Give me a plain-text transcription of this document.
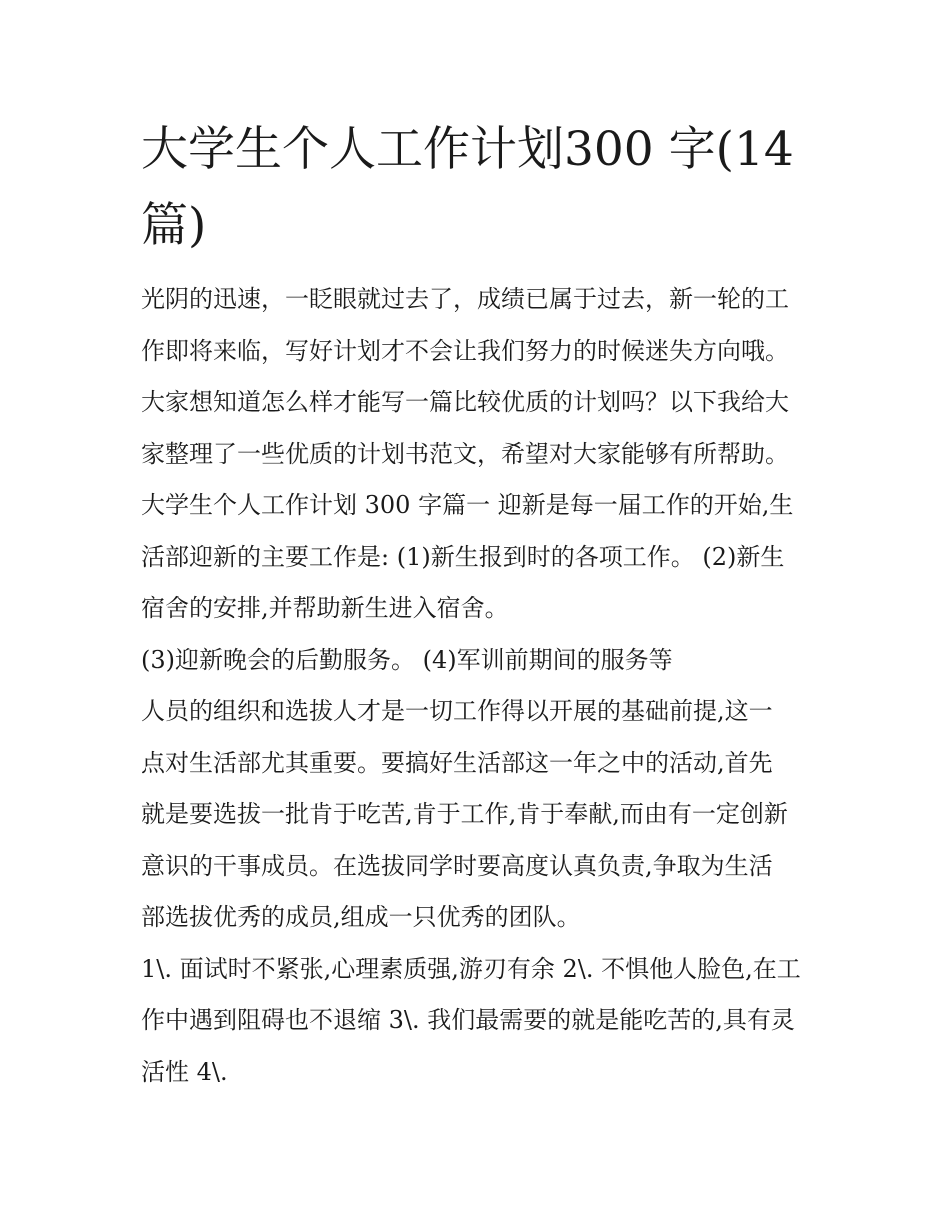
大学生个人工作计划300 字(14
篇)

光阴的迅速，一眨眼就过去了，成绩已属于过去，新一轮的工

作即将来临，写好计划才不会让我们努力的时候迷失方向哦。

大家想知道怎么样才能写一篇比较优质的计划吗？以下我给大

家整理了一些优质的计划书范文，希望对大家能够有所帮助。

大学生个人工作计划 300 字篇一 迎新是每一届工作的开始,生

活部迎新的主要工作是: (1)新生报到时的各项工作。 (2)新生

宿舍的安排,并帮助新生进入宿舍。

(3)迎新晚会的后勤服务。 (4)军训前期间的服务等

人员的组织和选拔人才是一切工作得以开展的基础前提,这一

点对生活部尤其重要。要搞好生活部这一年之中的活动,首先

就是要选拔一批肯于吃苦,肯于工作,肯于奉献,而由有一定创新

意识的干事成员。在选拔同学时要高度认真负责,争取为生活

部选拔优秀的成员,组成一只优秀的团队。

1\. 面试时不紧张,心理素质强,游刃有余 2\. 不惧他人脸色,在工

作中遇到阻碍也不退缩 3\. 我们最需要的就是能吃苦的,具有灵

活性 4\.
